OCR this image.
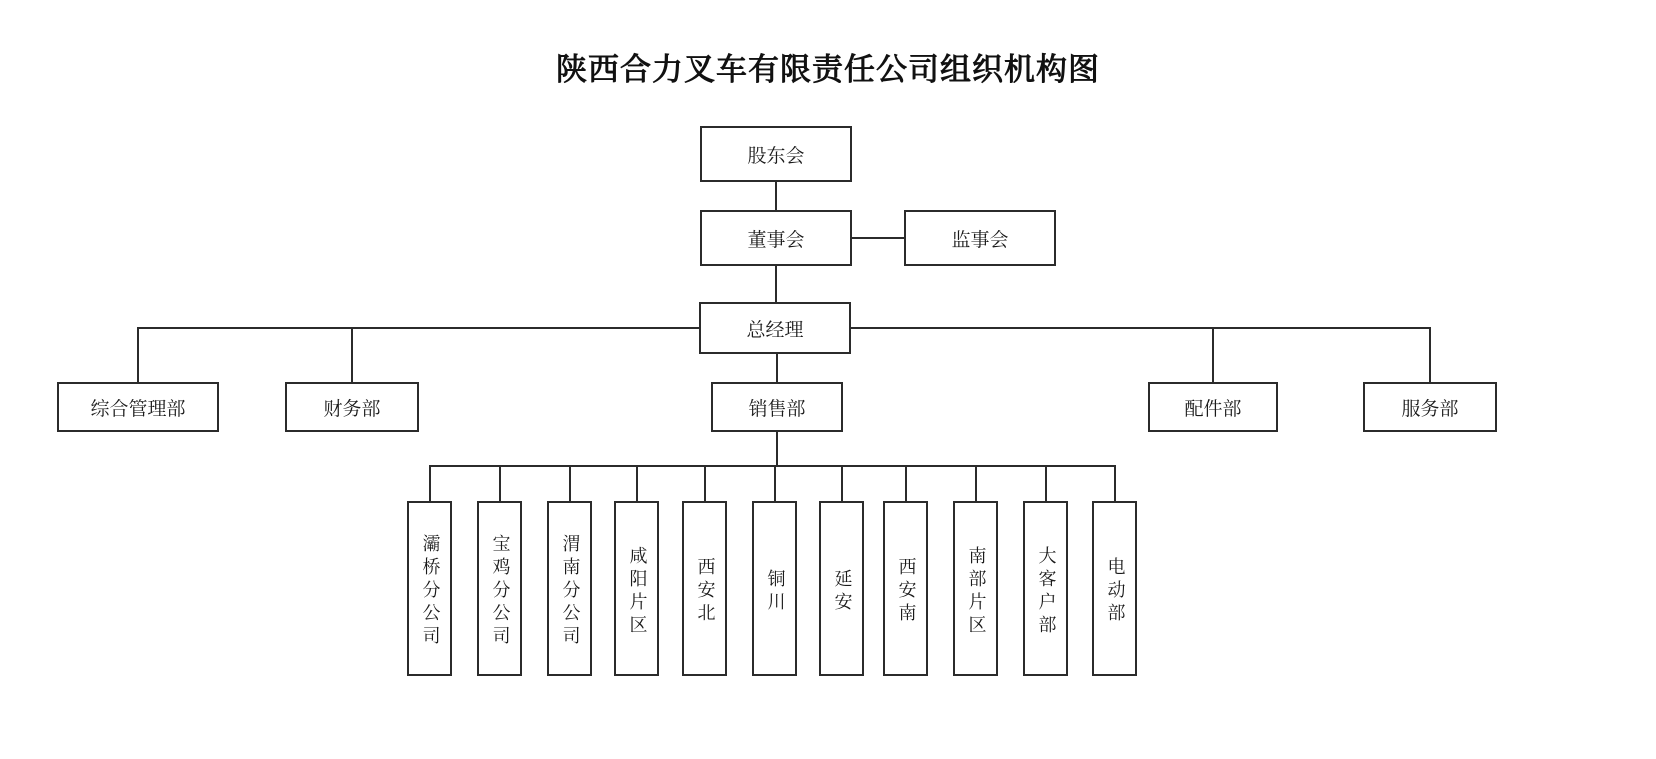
陕西合力叉车有限责任公司组织机构图
股东会
董事会	监事会
总经理
综合管理部	财务部	销售部	配件部	服务部
灞桥分公司	宝鸡分公司	渭南分公司	咸阳片区	西安北	铜川	延安	西安南	南部片区	大客户部	电动部
